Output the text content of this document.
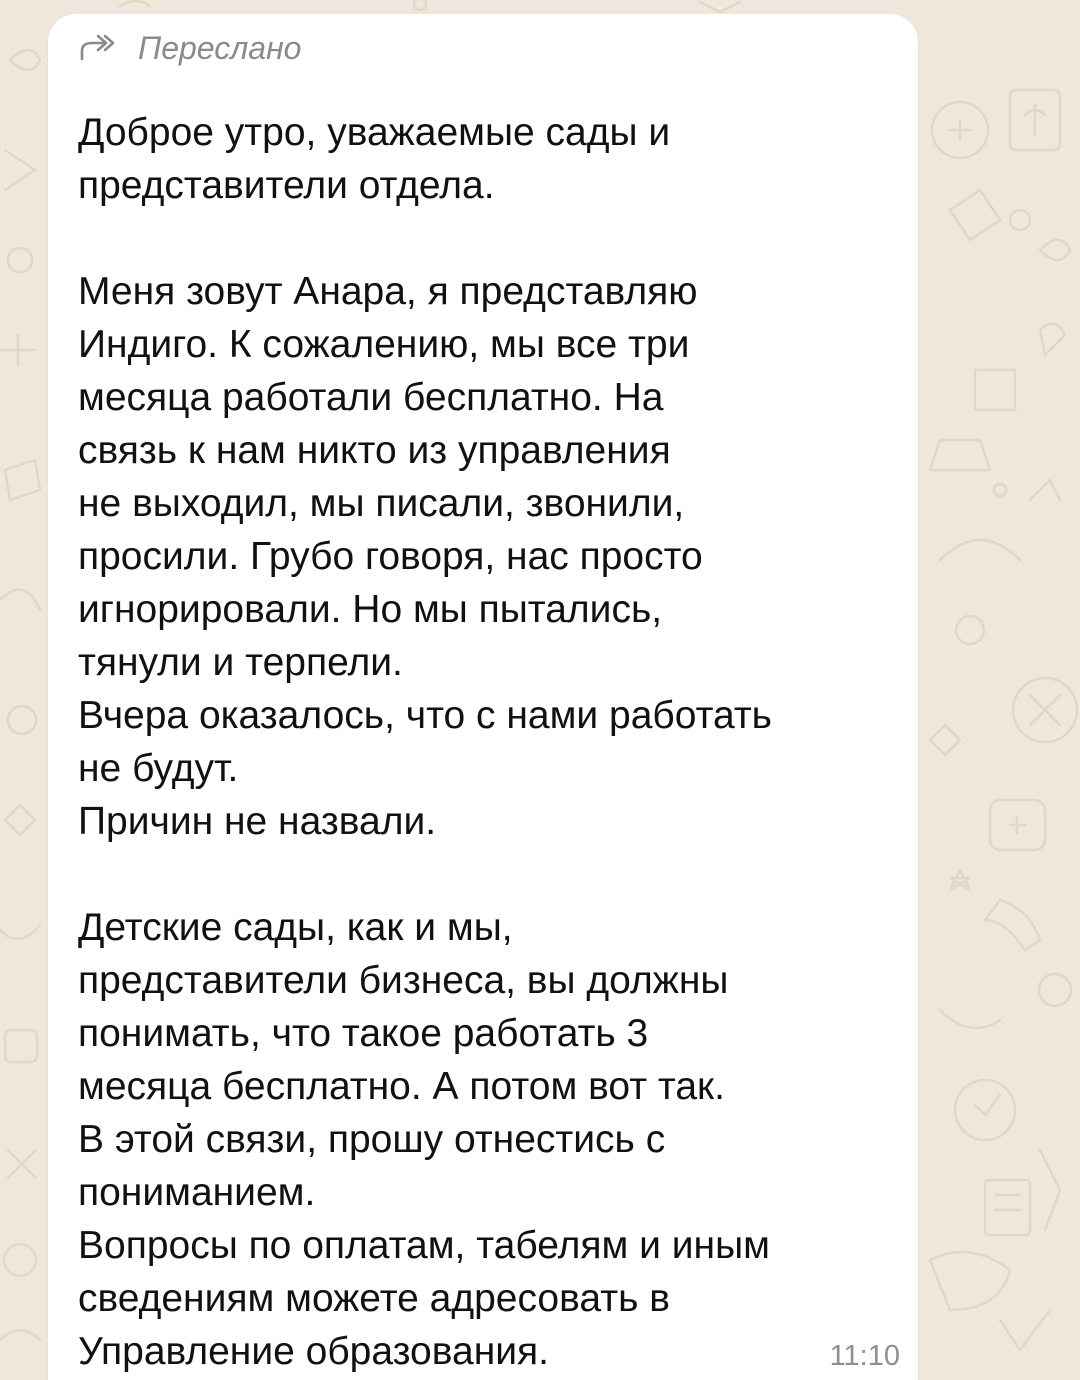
Переслано

Доброе утро, уважаемые сады и
представители отдела.

Меня зовут Анара, я представляю
Индиго. К сожалению, мы все три
месяца работали бесплатно. На
связь к нам никто из управления
не выходил, мы писали, звонили,
просили. Грубо говоря, нас просто
игнорировали. Но мы пытались,
тянули и терпели.
Вчера оказалось, что с нами работать
не будут.
Причин не назвали.

Детские сады, как и мы,
представители бизнеса, вы должны
понимать, что такое работать 3
месяца бесплатно. А потом вот так.
В этой связи, прошу отнестись с
пониманием.
Вопросы по оплатам, табелям и иным
сведениям можете адресовать в
Управление образования.	11:10
